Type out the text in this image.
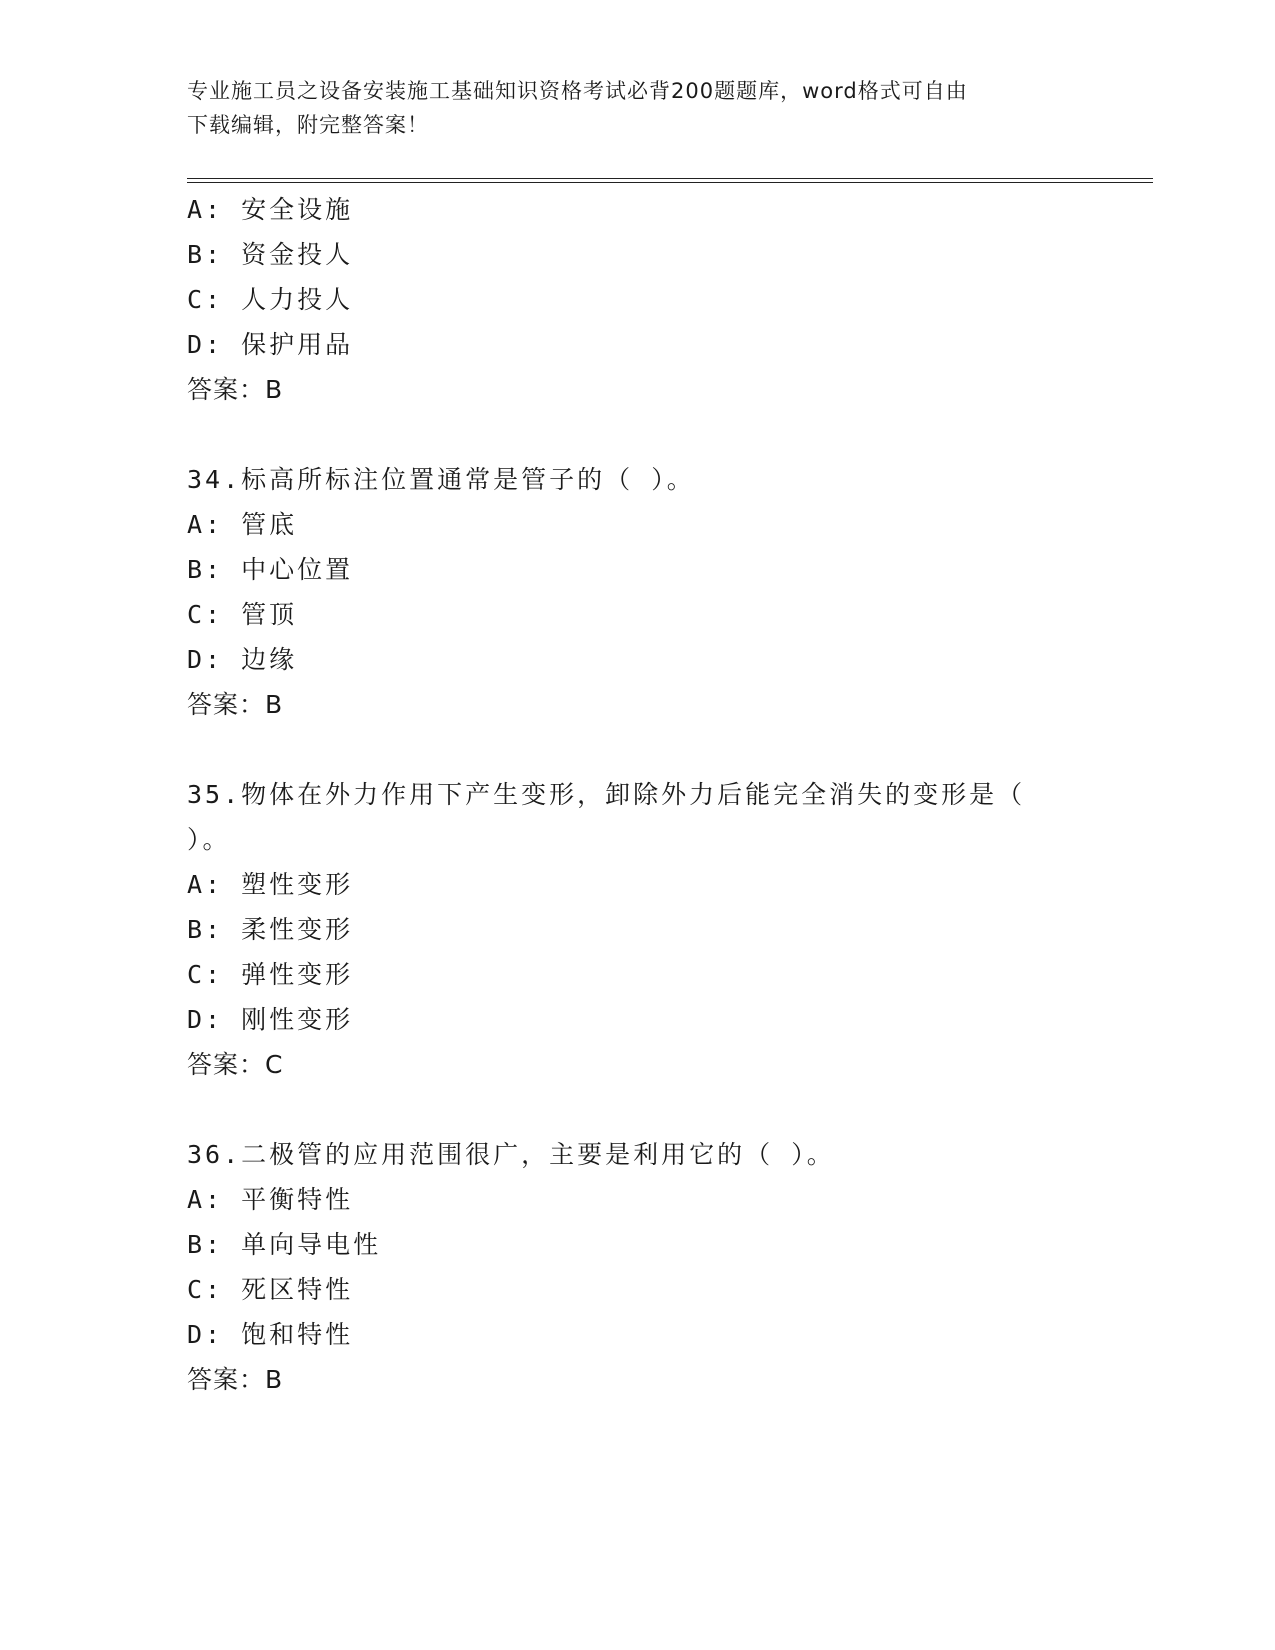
专业施工员之设备安装施工基础知识资格考试必背200题题库，word格式可自由
下载编辑，附完整答案！
A: 安全设施
B: 资金投人
C: 人力投人
D: 保护用品
答案：B
34.标高所标注位置通常是管子的（ ）。
A: 管底
B: 中心位置
C: 管顶
D: 边缘
答案：B
35.物体在外力作用下产生变形，卸除外力后能完全消失的变形是（
）。
A: 塑性变形
B: 柔性变形
C: 弹性变形
D: 刚性变形
答案：C
36.二极管的应用范围很广，主要是利用它的（ ）。
A: 平衡特性
B: 单向导电性
C: 死区特性
D: 饱和特性
答案：B
